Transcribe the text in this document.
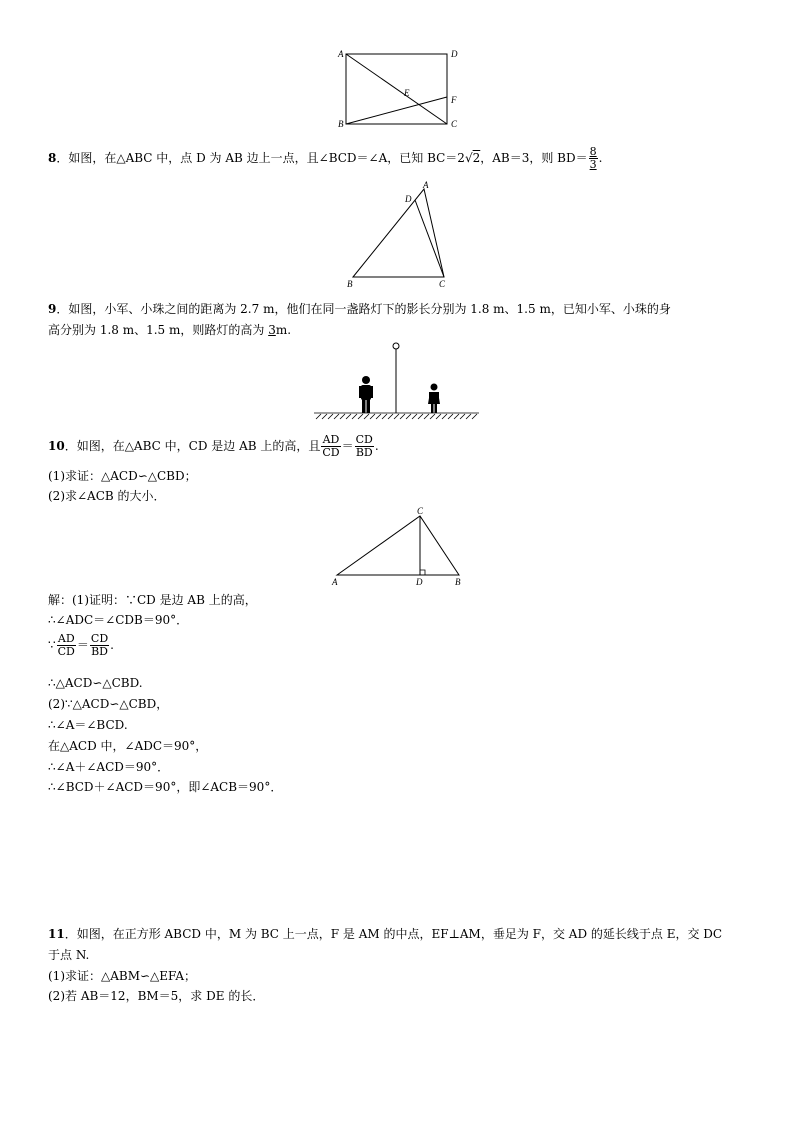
A	D
B	C
E
F
8．如图，在△ABC 中，点 D 为 AB 边上一点，且∠BCD＝∠A，已知 BC＝2√2，AB＝3，则 $BD= \frac{8}{3}$ .
A
D
B	C
9．如图，小军、小珠之间的距离为 2.7 m，他们在同一盏路灯下的影长分别为 1.8 m、1.5 m，已知小军、小珠的身
高分别为 1.8 m、1.5 m，则路灯的高为 3m.
10．如图，在△ABC 中，CD 是边 AB 上的高，且 $\frac{AD}{CD} = \frac{CD}{BD}$ .
(1)求证：△ACD∽△CBD；
(2)求∠ACB 的大小．
C
A	D	B
解：(1)证明：∵CD 是边 AB 上的高，
∴∠ADC＝∠CDB＝90°．
∵ $\frac{AD}{CD} = \frac{CD}{BD}$ .
∴△ACD∽△CBD.
(2)∵△ACD∽△CBD，
∴∠A＝∠BCD.
在△ACD 中，∠ADC＝90°，
∴∠A＋∠ACD＝90°．
∴∠BCD＋∠ACD＝90°，即∠ACB＝90°．
11．如图，在正方形 ABCD 中，M 为 BC 上一点，F 是 AM 的中点，EF⊥AM，垂足为 F，交 AD 的延长线于点 E，交 DC
于点 N.
(1)求证：△ABM∽△EFA；
(2)若 AB＝12，BM＝5，求 DE 的长．
